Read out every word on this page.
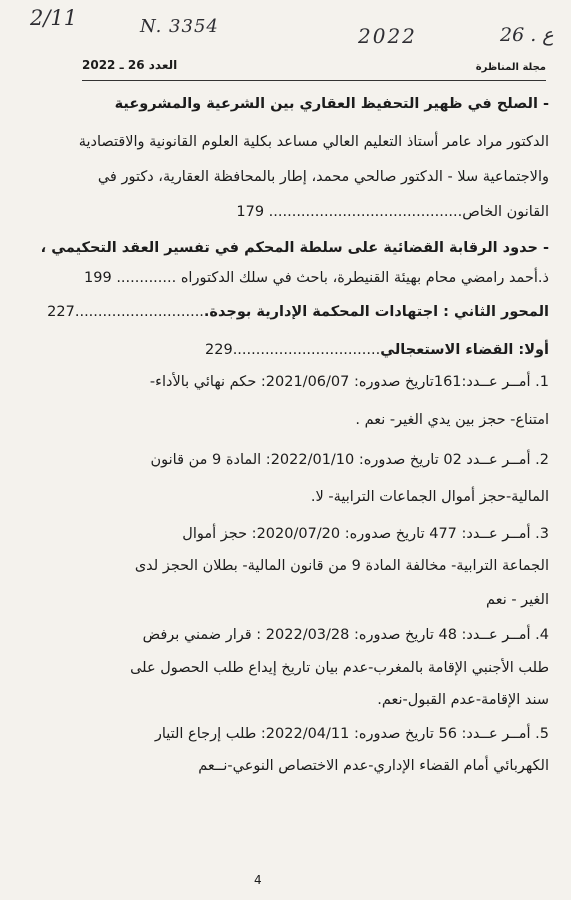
2/11	N. 3354	2022	26 . ع
مجلة المناظرة
العدد 26 ـ 2022
- الصلح في ظهير التحفيظ العقاري بين الشرعية والمشروعية
الدكتور مراد عامر أستاذ التعليم العالي مساعد بكلية العلوم القانونية والاقتصادية
والاجتماعية سلا - الدكتور صالحي محمد، إطار بالمحافظة العقارية، دكتور في
القانون الخاص.......................................... 179
- حدود الرقابة القضائية على سلطة المحكم في تفسير العقد التحكيمي ،
ذ.أحمد رامضي محام بهيئة القنيطرة، باحث في سلك الدكتوراه ............. 199
المحور الثاني : اجتهادات المحكمة الإدارية بوجدة.............................227
أولا: القضاء الاستعجالي................................229
1. أمــر عــدد:161تاريخ صدوره: 2021/06/07: حكم نهائي بالأداء-
امتناع- حجز بين يدي الغير- نعم .
2. أمــر عــدد 02 تاريخ صدوره: 2022/01/10: المادة 9 من قانون
المالية-حجز أموال الجماعات الترابية- لا.
3. أمــر عــدد: 477 تاريخ صدوره: 2020/07/20: حجز أموال
الجماعة الترابية- مخالفة المادة 9 من قانون المالية- بطلان الحجز لدى
الغير - نعم
4. أمــر عــدد: 48 تاريخ صدوره: 2022/03/28 : قرار ضمني برفض
طلب الأجنبي الإقامة بالمغرب-عدم بيان تاريخ إيداع طلب الحصول على
سند الإقامة-عدم القبول-نعم.
5. أمــر عــدد: 56 تاريخ صدوره: 2022/04/11: طلب إرجاع التيار
الكهربائي أمام القضاء الإداري-عدم الاختصاص النوعي-نــعم
4
